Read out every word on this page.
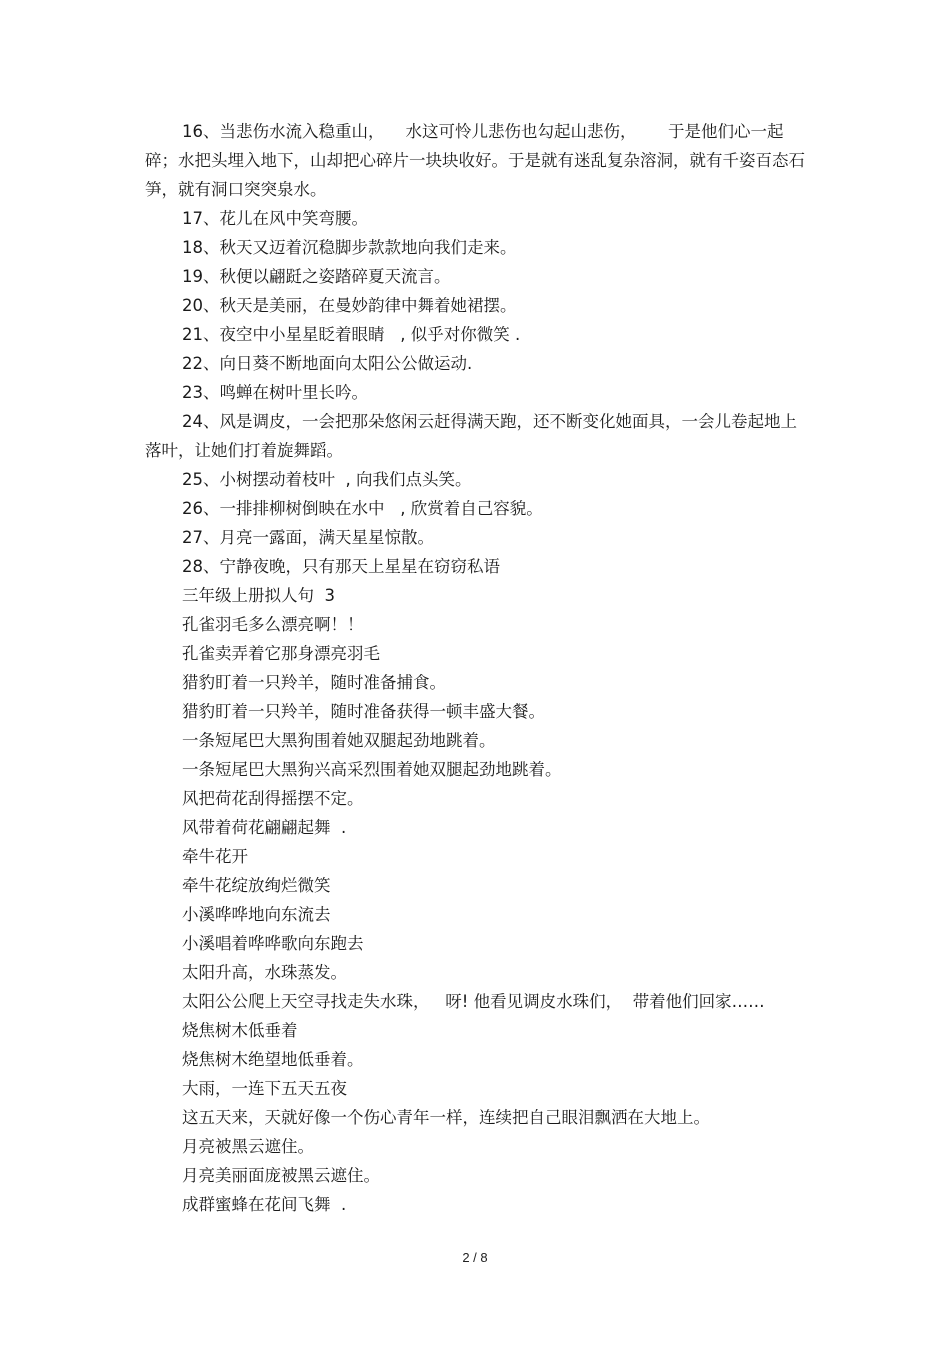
16、当悲伤水流入稳重山，    水这可怜儿悲伤也勾起山悲伤，      于是他们心一起碎；水把头埋入地下，山却把心碎片一块块收好。于是就有迷乱复杂溶洞，就有千姿百态石笋，就有洞口突突泉水。

17、花儿在风中笑弯腰。

18、秋天又迈着沉稳脚步款款地向我们走来。

19、秋便以翩跹之姿踏碎夏天流言。

20、秋天是美丽，在曼妙韵律中舞着她裙摆。

21、夜空中小星星眨着眼睛   , 似乎对你微笑 .

22、向日葵不断地面向太阳公公做运动.

23、鸣蝉在树叶里长吟。

24、风是调皮，一会把那朵悠闲云赶得满天跑，还不断变化她面具，一会儿卷起地上落叶，让她们打着旋舞蹈。

25、小树摆动着枝叶  , 向我们点头笑。

26、一排排柳树倒映在水中   , 欣赏着自己容貌。

27、月亮一露面，满天星星惊散。

28、宁静夜晚，只有那天上星星在窃窃私语

三年级上册拟人句  3

孔雀羽毛多么漂亮啊！！

孔雀卖弄着它那身漂亮羽毛

猎豹盯着一只羚羊，随时准备捕食。

猎豹盯着一只羚羊，随时准备获得一顿丰盛大餐。

一条短尾巴大黑狗围着她双腿起劲地跳着。

一条短尾巴大黑狗兴高采烈围着她双腿起劲地跳着。

风把荷花刮得摇摆不定。

风带着荷花翩翩起舞  .

牵牛花开

牵牛花绽放绚烂微笑

小溪哗哗地向东流去

小溪唱着哗哗歌向东跑去

太阳升高，水珠蒸发。

太阳公公爬上天空寻找走失水珠，   呀! 他看见调皮水珠们，  带着他们回家……

烧焦树木低垂着

烧焦树木绝望地低垂着。

大雨，一连下五天五夜

这五天来，天就好像一个伤心青年一样，连续把自己眼泪飘洒在大地上。

月亮被黑云遮住。

月亮美丽面庞被黑云遮住。

成群蜜蜂在花间飞舞  .

2 / 8
